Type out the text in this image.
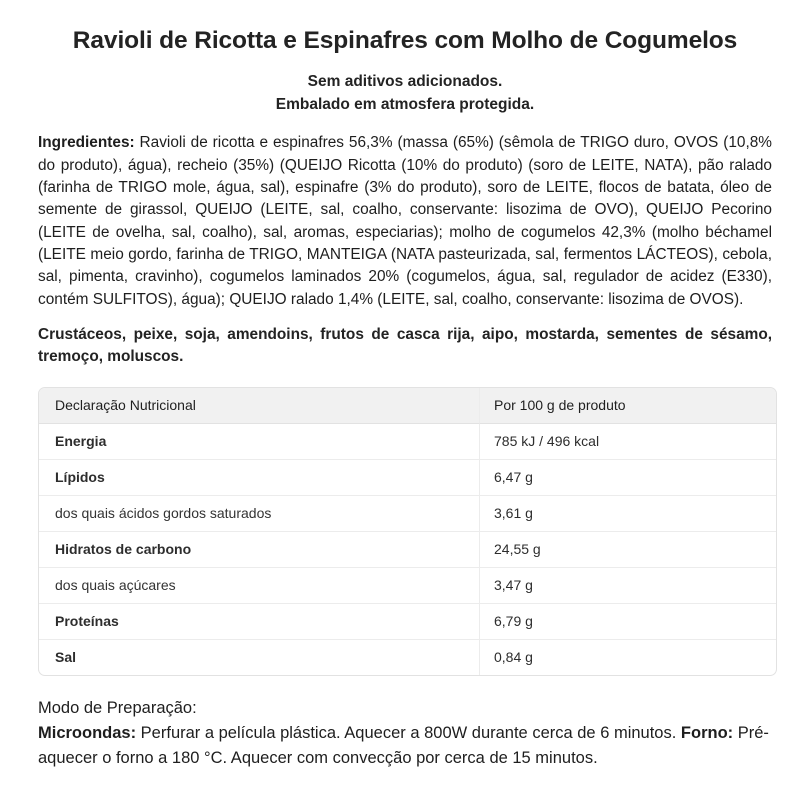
Ravioli de Ricotta e Espinafres com Molho de Cogumelos
Sem aditivos adicionados.
Embalado em atmosfera protegida.

Ingredientes: Ravioli de ricotta e espinafres 56,3% (massa (65%) (sêmola de TRIGO duro, OVOS (10,8% do produto), água), recheio (35%) (QUEIJO Ricotta (10% do produto) (soro de LEITE, NATA), pão ralado (farinha de TRIGO mole, água, sal), espinafre (3% do produto), soro de LEITE, flocos de batata, óleo de semente de girassol, QUEIJO (LEITE, sal, coalho, conservante: lisozima de OVO), QUEIJO Pecorino (LEITE de ovelha, sal, coalho), sal, aromas, especiarias); molho de cogumelos 42,3% (molho béchamel (LEITE meio gordo, farinha de TRIGO, MANTEIGA (NATA pasteurizada, sal, fermentos LÁCTEOS), cebola, sal, pimenta, cravinho), cogumelos laminados 20% (cogumelos, água, sal, regulador de acidez (E330), contém SULFITOS), água); QUEIJO ralado 1,4% (LEITE, sal, coalho, conservante: lisozima de OVOS).

Crustáceos, peixe, soja, amendoins, frutos de casca rija, aipo, mostarda, sementes de sésamo, tremoço, moluscos.

Declaração Nutricional	Por 100 g de produto
Energia	785 kJ / 496 kcal
Lípidos	6,47 g
dos quais ácidos gordos saturados	3,61 g
Hidratos de carbono	24,55 g
dos quais açúcares	3,47 g
Proteínas	6,79 g
Sal	0,84 g

Modo de Preparação:

Microondas: Perfurar a película plástica. Aquecer a 800W durante cerca de 6 minutos. Forno: Pré-aquecer o forno a 180 °C. Aquecer com convecção por cerca de 15 minutos.
